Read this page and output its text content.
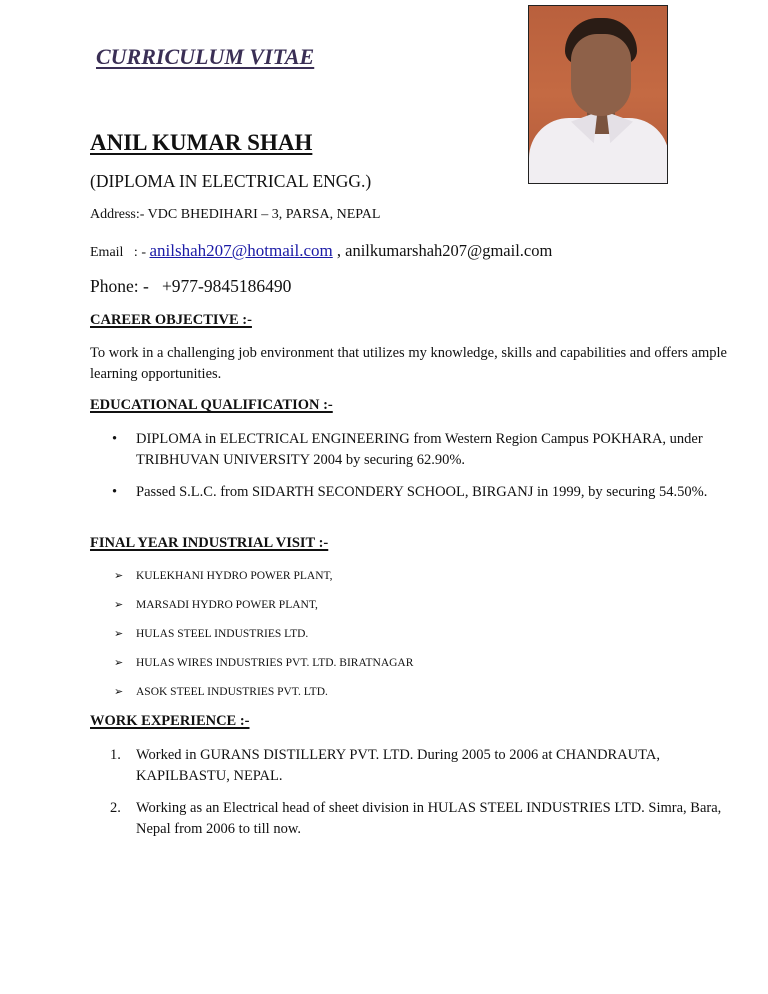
CURRICULUM VITAE
ANIL KUMAR SHAH
(DIPLOMA IN ELECTRICAL ENGG.)
Address:- VDC BHEDIHARI – 3, PARSA, NEPAL
Email   : - anilshah207@hotmail.com , anilkumarshah207@gmail.com
Phone: -   +977-9845186490
CAREER OBJECTIVE :-
To work in a challenging job environment that utilizes my knowledge, skills and capabilities and offers ample learning opportunities.
EDUCATIONAL QUALIFICATION :-
• DIPLOMA in ELECTRICAL ENGINEERING from Western Region Campus POKHARA, under TRIBHUVAN UNIVERSITY 2004 by securing 62.90%.
• Passed S.L.C. from SIDARTH SECONDERY SCHOOL, BIRGANJ in 1999, by securing 54.50%.
FINAL YEAR INDUSTRIAL VISIT :-
➢ KULEKHANI HYDRO POWER PLANT,
➢ MARSADI HYDRO POWER PLANT,
➢ HULAS STEEL INDUSTRIES LTD.
➢ HULAS WIRES INDUSTRIES PVT. LTD. BIRATNAGAR
➢ ASOK STEEL INDUSTRIES PVT. LTD.
WORK EXPERIENCE :-
1. Worked in GURANS DISTILLERY PVT. LTD. During 2005 to 2006 at CHANDRAUTA, KAPILBASTU, NEPAL.
2. Working as an Electrical head of sheet division in HULAS STEEL INDUSTRIES LTD. Simra, Bara, Nepal from 2006 to till now.
